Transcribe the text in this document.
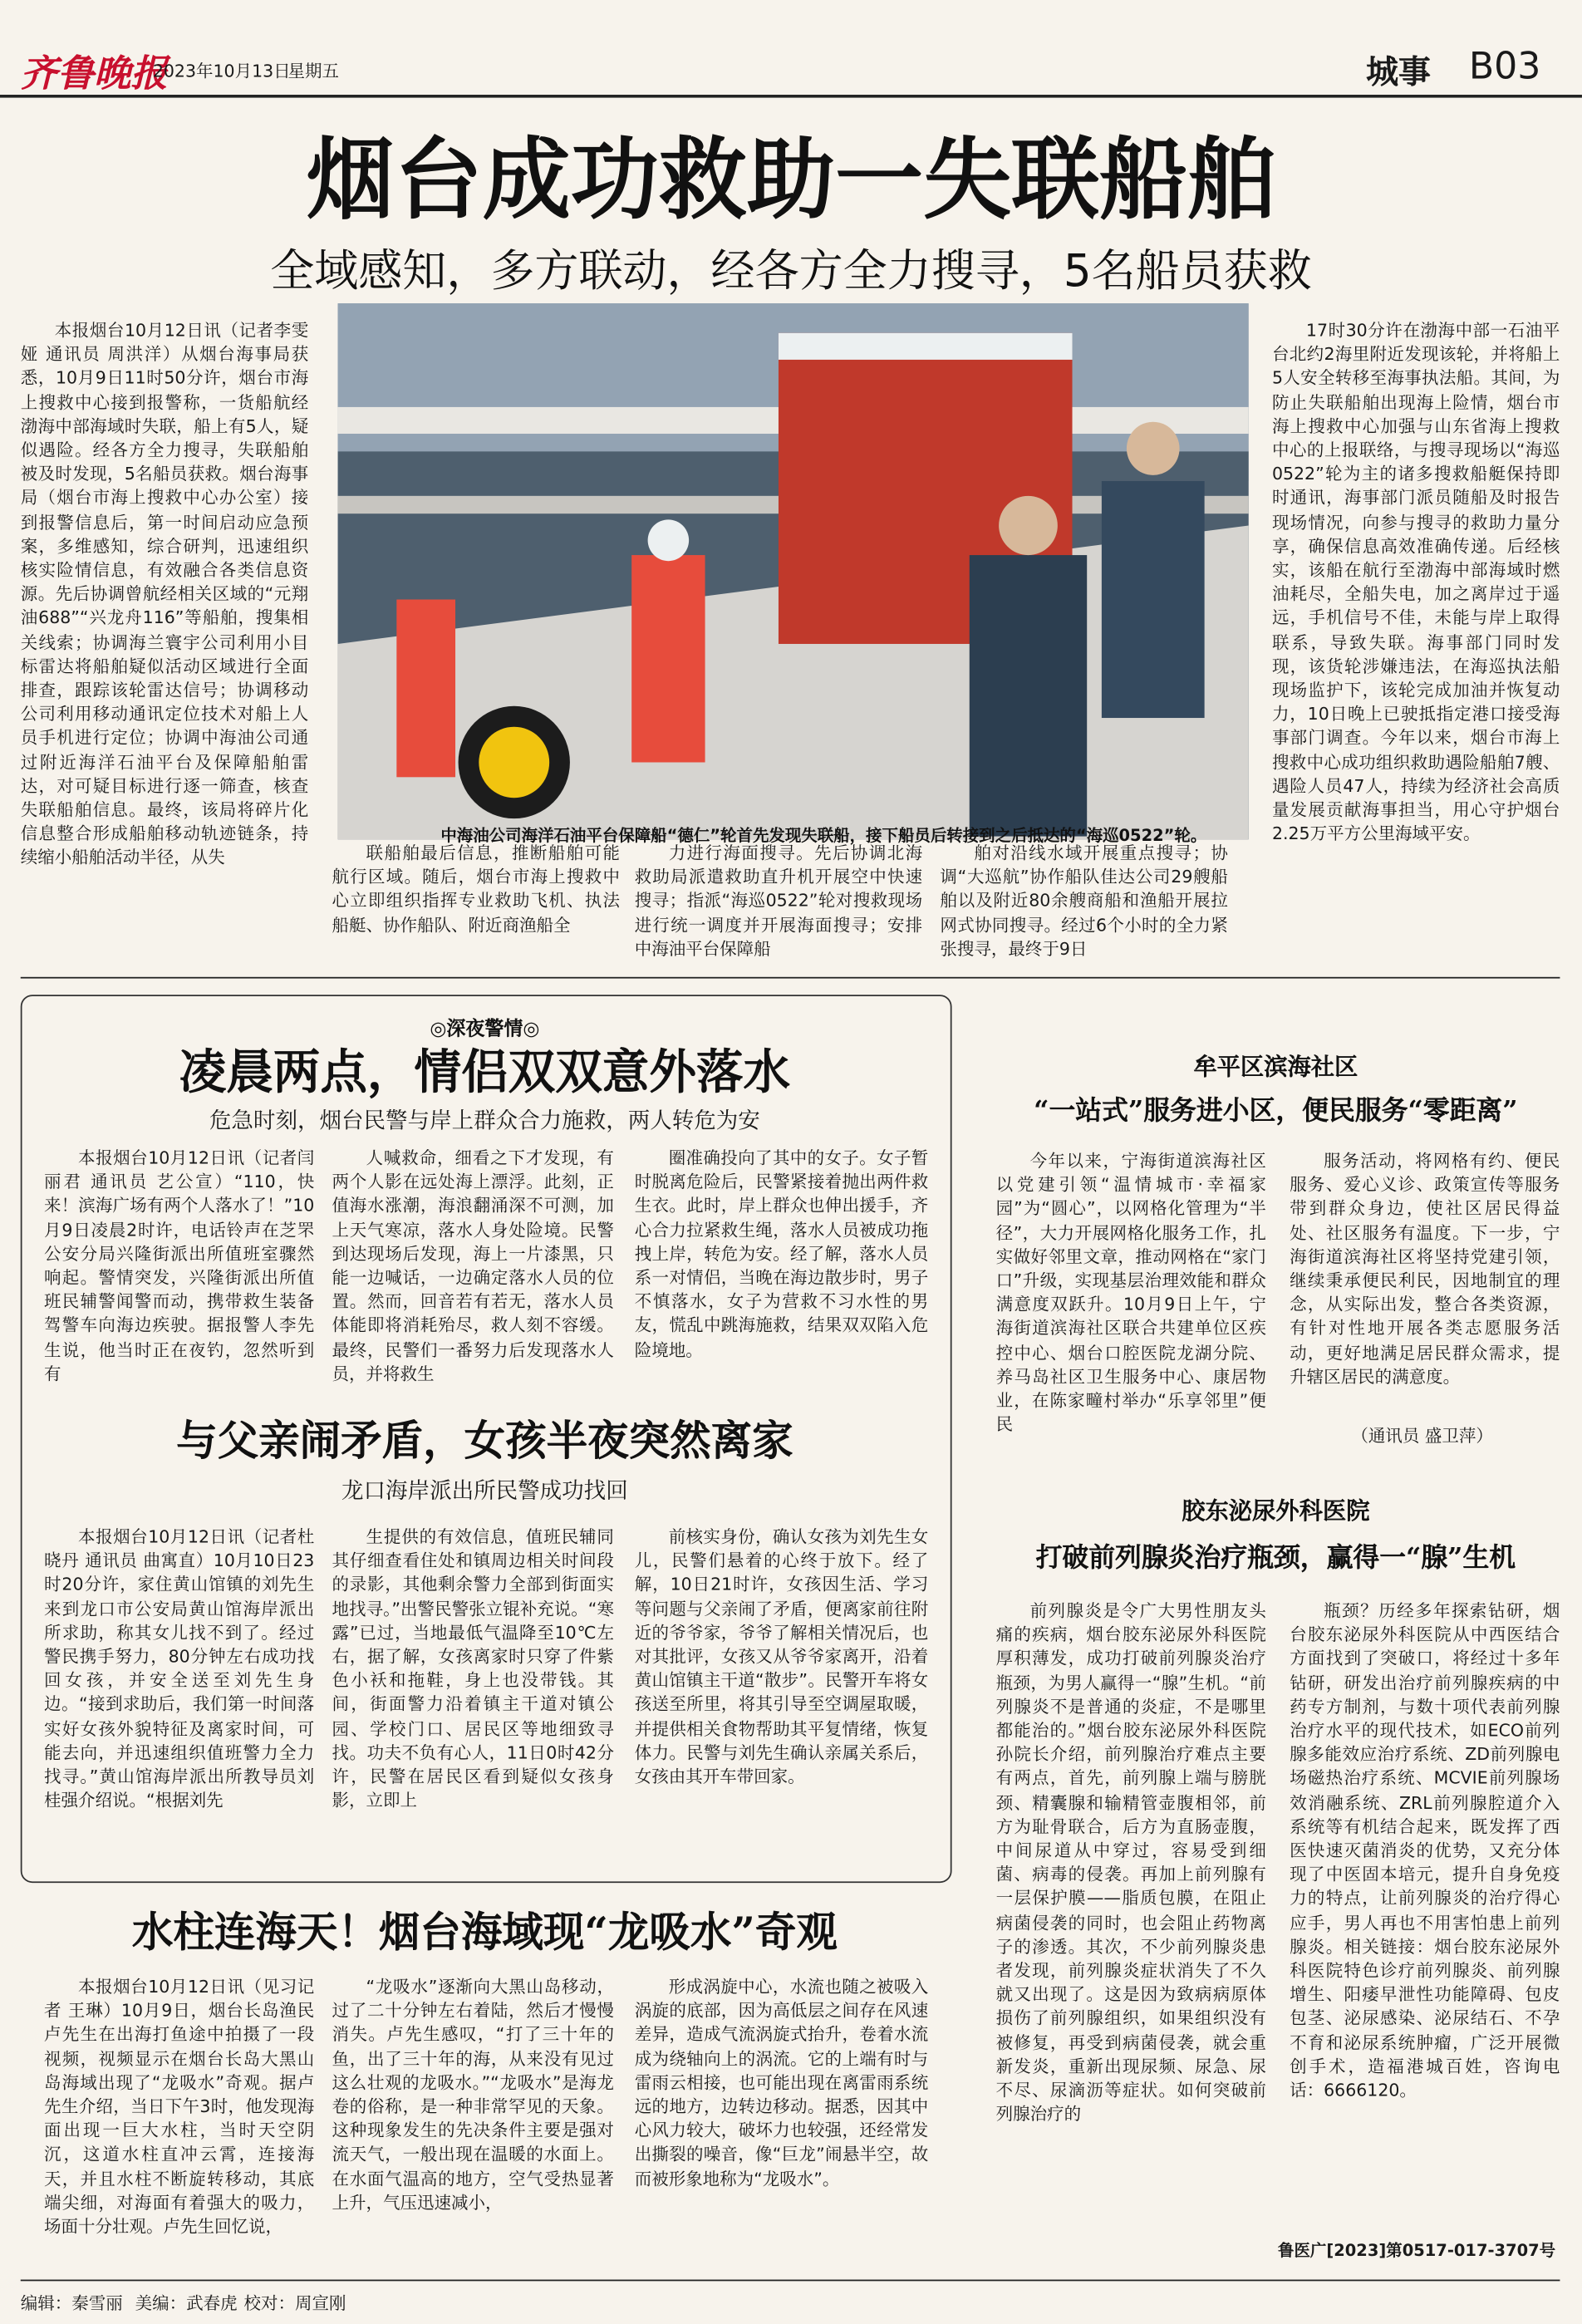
齐鲁晚报
2023年10月13日
星期五	城事 B03
烟台成功救助一失联船舶
全域感知，多方联动，经各方全力搜寻，5名船员获救

本报烟台10月12日讯（记者李雯娅 通讯员 周洪洋）从烟台海事局获悉，10月9日11时50分许，烟台市海上搜救中心接到报警称，一货船航经渤海中部海域时失联，船上有5人，疑似遇险。经各方全力搜寻，失联船舶被及时发现，5名船员获救。烟台海事局（烟台市海上搜救中心办公室）接到报警信息后，第一时间启动应急预案，多维感知，综合研判，迅速组织核实险情信息，有效融合各类信息资源。先后协调曾航经相关区域的“元翔油688”“兴龙舟116”等船舶，搜集相关线索；协调海兰寰宇公司利用小目标雷达将船舶疑似活动区域进行全面排查，跟踪该轮雷达信号；协调移动公司利用移动通讯定位技术对船上人员手机进行定位；协调中海油公司通过附近海洋石油平台及保障船舶雷达，对可疑目标进行逐一筛查，核查失联船舶信息。最终，该局将碎片化信息整合形成船舶移动轨迹链条，持续缩小船舶活动半径，从失

中海油公司海洋石油平台保障船“德仁”轮首先发现失联船，接下船员后转接到之后抵达的“海巡0522”轮。

联船舶最后信息，推断船舶可能航行区域。随后，烟台市海上搜救中心立即组织指挥专业救助飞机、执法船艇、协作船队、附近商渔船全

力进行海面搜寻。先后协调北海救助局派遣救助直升机开展空中快速搜寻；指派“海巡0522”轮对搜救现场进行统一调度并开展海面搜寻；安排中海油平台保障船

舶对沿线水域开展重点搜寻；协调“大巡航”协作船队佳达公司29艘船舶以及附近80余艘商船和渔船开展拉网式协同搜寻。经过6个小时的全力紧张搜寻，最终于9日

17时30分许在渤海中部一石油平台北约2海里附近发现该轮，并将船上5人安全转移至海事执法船。其间，为防止失联船舶出现海上险情，烟台市海上搜救中心加强与山东省海上搜救中心的上报联络，与搜寻现场以“海巡0522”轮为主的诸多搜救船艇保持即时通讯，海事部门派员随船及时报告现场情况，向参与搜寻的救助力量分享，确保信息高效准确传递。后经核实，该船在航行至渤海中部海域时燃油耗尽，全船失电，加之离岸过于遥远，手机信号不佳，未能与岸上取得联系，导致失联。海事部门同时发现，该货轮涉嫌违法，在海巡执法船现场监护下，该轮完成加油并恢复动力，10日晚上已驶抵指定港口接受海事部门调查。今年以来，烟台市海上搜救中心成功组织救助遇险船舶7艘、遇险人员47人，持续为经济社会高质量发展贡献海事担当，用心守护烟台2.25万平方公里海域平安。

◎深夜警情◎
凌晨两点，情侣双双意外落水
危急时刻，烟台民警与岸上群众合力施救，两人转危为安

本报烟台10月12日讯（记者闫丽君 通讯员 艺公宣）“110，快来！滨海广场有两个人落水了！”10月9日凌晨2时许，电话铃声在芝罘公安分局兴隆街派出所值班室骤然响起。警情突发，兴隆街派出所值班民辅警闻警而动，携带救生装备驾警车向海边疾驶。据报警人李先生说，他当时正在夜钓，忽然听到有

人喊救命，细看之下才发现，有两个人影在远处海上漂浮。此刻，正值海水涨潮，海浪翻涌深不可测，加上天气寒凉，落水人身处险境。民警到达现场后发现，海上一片漆黑，只能一边喊话，一边确定落水人员的位置。然而，回音若有若无，落水人员体能即将消耗殆尽，救人刻不容缓。最终，民警们一番努力后发现落水人员，并将救生

圈准确投向了其中的女子。女子暂时脱离危险后，民警紧接着抛出两件救生衣。此时，岸上群众也伸出援手，齐心合力拉紧救生绳，落水人员被成功拖拽上岸，转危为安。经了解，落水人员系一对情侣，当晚在海边散步时，男子不慎落水，女子为营救不习水性的男友，慌乱中跳海施救，结果双双陷入危险境地。

与父亲闹矛盾，女孩半夜突然离家
龙口海岸派出所民警成功找回

本报烟台10月12日讯（记者杜晓丹 通讯员 曲寓直）10月10日23时20分许，家住黄山馆镇的刘先生来到龙口市公安局黄山馆海岸派出所求助，称其女儿找不到了。经过警民携手努力，80分钟左右成功找回女孩，并安全送至刘先生身边。“接到求助后，我们第一时间落实好女孩外貌特征及离家时间，可能去向，并迅速组织值班警力全力找寻。”黄山馆海岸派出所教导员刘桂强介绍说。“根据刘先

生提供的有效信息，值班民辅同其仔细查看住处和镇周边相关时间段的录影，其他剩余警力全部到街面实地找寻。”出警民警张立锟补充说。“寒露”已过，当地最低气温降至10℃左右，据了解，女孩离家时只穿了件紫色小袄和拖鞋，身上也没带钱。其间，街面警力沿着镇主干道对镇公园、学校门口、居民区等地细致寻找。功夫不负有心人，11日0时42分许，民警在居民区看到疑似女孩身影，立即上

前核实身份，确认女孩为刘先生女儿，民警们悬着的心终于放下。经了解，10日21时许，女孩因生活、学习等问题与父亲闹了矛盾，便离家前往附近的爷爷家，爷爷了解相关情况后，也对其批评，女孩又从爷爷家离开，沿着黄山馆镇主干道“散步”。民警开车将女孩送至所里，将其引导至空调屋取暖，并提供相关食物帮助其平复情绪，恢复体力。民警与刘先生确认亲属关系后，女孩由其开车带回家。

水柱连海天！烟台海域现“龙吸水”奇观

本报烟台10月12日讯（见习记者 王琳）10月9日，烟台长岛渔民卢先生在出海打鱼途中拍摄了一段视频，视频显示在烟台长岛大黑山岛海域出现了“龙吸水”奇观。据卢先生介绍，当日下午3时，他发现海面出现一巨大水柱，当时天空阴沉，这道水柱直冲云霄，连接海天，并且水柱不断旋转移动，其底端尖细，对海面有着强大的吸力，场面十分壮观。卢先生回忆说，

“龙吸水”逐渐向大黑山岛移动，过了二十分钟左右着陆，然后才慢慢消失。卢先生感叹，“打了三十年的鱼，出了三十年的海，从来没有见过这么壮观的龙吸水。”“龙吸水”是海龙卷的俗称，是一种非常罕见的天象。这种现象发生的先决条件主要是强对流天气，一般出现在温暖的水面上。在水面气温高的地方，空气受热显著上升，气压迅速减小，

形成涡旋中心，水流也随之被吸入涡旋的底部，因为高低层之间存在风速差异，造成气流涡旋式抬升，卷着水流成为绕轴向上的涡流。它的上端有时与雷雨云相接，也可能出现在离雷雨系统远的地方，边转边移动。据悉，因其中心风力较大，破坏力也较强，还经常发出撕裂的噪音，像“巨龙”闹悬半空，故而被形象地称为“龙吸水”。

牟平区滨海社区
“一站式”服务进小区，便民服务“零距离”

今年以来，宁海街道滨海社区以党建引领“温情城市·幸福家园”为“圆心”，以网格化管理为“半径”，大力开展网格化服务工作，扎实做好邻里文章，推动网格在“家门口”升级，实现基层治理效能和群众满意度双跃升。10月9日上午，宁海街道滨海社区联合共建单位区疾控中心、烟台口腔医院龙湖分院、养马岛社区卫生服务中心、康居物业，在陈家疃村举办“乐享邻里”便民

服务活动，将网格有约、便民服务、爱心义诊、政策宣传等服务带到群众身边，使社区居民得益处、社区服务有温度。下一步，宁海街道滨海社区将坚持党建引领，继续秉承便民利民，因地制宜的理念，从实际出发，整合各类资源，有针对性地开展各类志愿服务活动，更好地满足居民群众需求，提升辖区居民的满意度。

（通讯员 盛卫萍）
胶东泌尿外科医院
打破前列腺炎治疗瓶颈，赢得一“腺”生机

前列腺炎是令广大男性朋友头痛的疾病，烟台胶东泌尿外科医院厚积薄发，成功打破前列腺炎治疗瓶颈，为男人赢得一“腺”生机。“前列腺炎不是普通的炎症，不是哪里都能治的。”烟台胶东泌尿外科医院孙院长介绍，前列腺治疗难点主要有两点，首先，前列腺上端与膀胱颈、精囊腺和输精管壶腹相邻，前方为耻骨联合，后方为直肠壶腹，中间尿道从中穿过，容易受到细菌、病毒的侵袭。再加上前列腺有一层保护膜——脂质包膜，在阻止病菌侵袭的同时，也会阻止药物离子的渗透。其次，不少前列腺炎患者发现，前列腺炎症状消失了不久就又出现了。这是因为致病病原体损伤了前列腺组织，如果组织没有被修复，再受到病菌侵袭，就会重新发炎，重新出现尿频、尿急、尿不尽、尿滴沥等症状。如何突破前列腺治疗的

瓶颈？历经多年探索钻研，烟台胶东泌尿外科医院从中西医结合方面找到了突破口，将经过十多年钻研，研发出治疗前列腺疾病的中药专方制剂，与数十项代表前列腺治疗水平的现代技术，如ECO前列腺多能效应治疗系统、ZD前列腺电场磁热治疗系统、MCVIE前列腺场效消融系统、ZRL前列腺腔道介入系统等有机结合起来，既发挥了西医快速灭菌消炎的优势，又充分体现了中医固本培元，提升自身免疫力的特点，让前列腺炎的治疗得心应手，男人再也不用害怕患上前列腺炎。相关链接：烟台胶东泌尿外科医院特色诊疗前列腺炎、前列腺增生、阳痿早泄性功能障碍、包皮包茎、泌尿感染、泌尿结石、不孕不育和泌尿系统肿瘤，广泛开展微创手术，造福港城百姓，咨询电话：6666120。

鲁医广[2023]第0517-017-3707号
编辑：秦雪丽 美编：武春虎 校对：周宣刚
